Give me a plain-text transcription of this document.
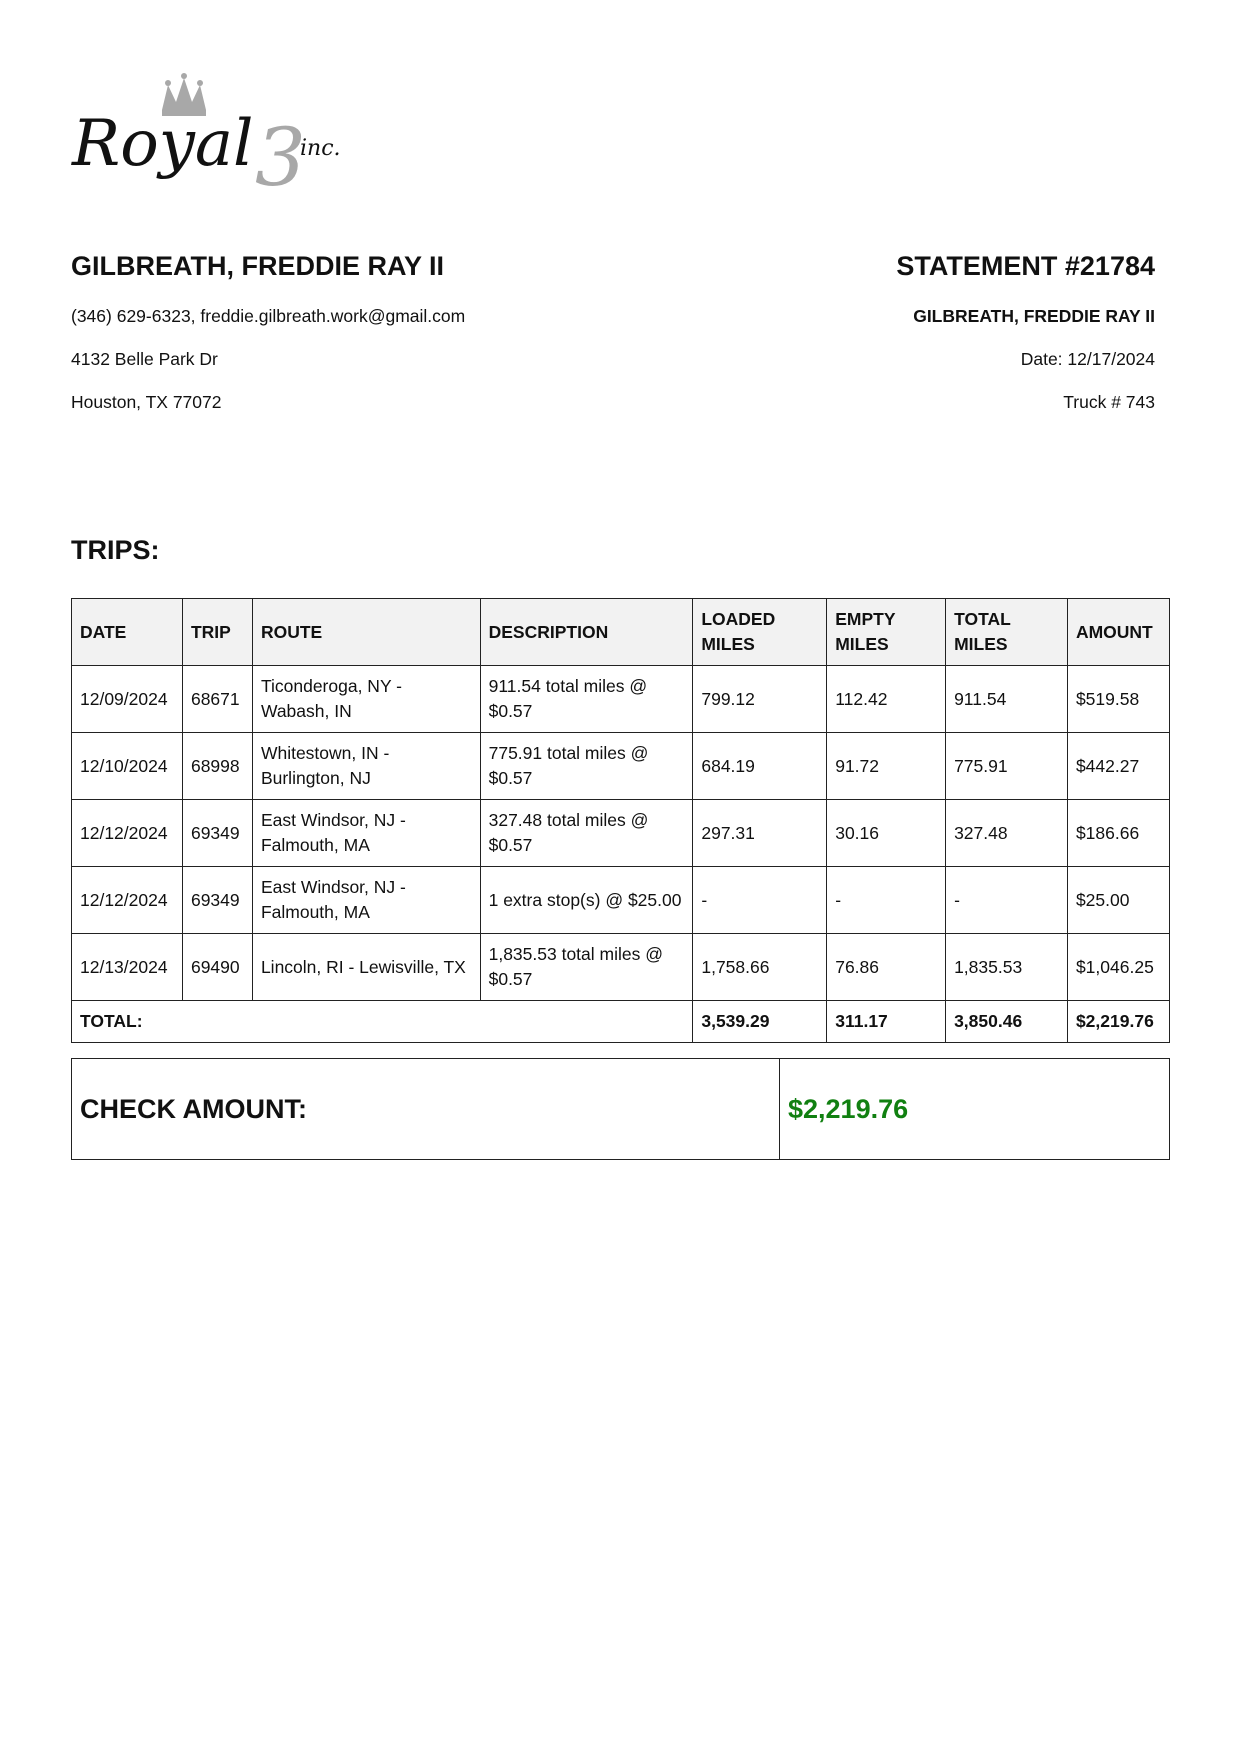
Royal 3
inc.
GILBREATH, FREDDIE RAY II	STATEMENT #21784

(346) 629-6323, freddie.gilbreath.work@gmail.com

4132 Belle Park Dr

Houston, TX 77072

GILBREATH, FREDDIE RAY II

Date: 12/17/2024

Truck # 743

TRIPS:
DATE	TRIP	ROUTE	DESCRIPTION	LOADED MILES	EMPTY MILES	TOTAL MILES	AMOUNT
12/09/2024	68671	Ticonderoga, NY - Wabash, IN	911.54 total miles @ $0.57	799.12	112.42	911.54	$519.58
12/10/2024	68998	Whitestown, IN - Burlington, NJ	775.91 total miles @ $0.57	684.19	91.72	775.91	$442.27
12/12/2024	69349	East Windsor, NJ - Falmouth, MA	327.48 total miles @ $0.57	297.31	30.16	327.48	$186.66
12/12/2024	69349	East Windsor, NJ - Falmouth, MA	1 extra stop(s) @ $25.00	-	-	-	$25.00
12/13/2024	69490	Lincoln, RI - Lewisville, TX	1,835.53 total miles @ $0.57	1,758.66	76.86	1,835.53	$1,046.25
TOTAL:				3,539.29	311.17	3,850.46	$2,219.76
CHECK AMOUNT:	$2,219.76
